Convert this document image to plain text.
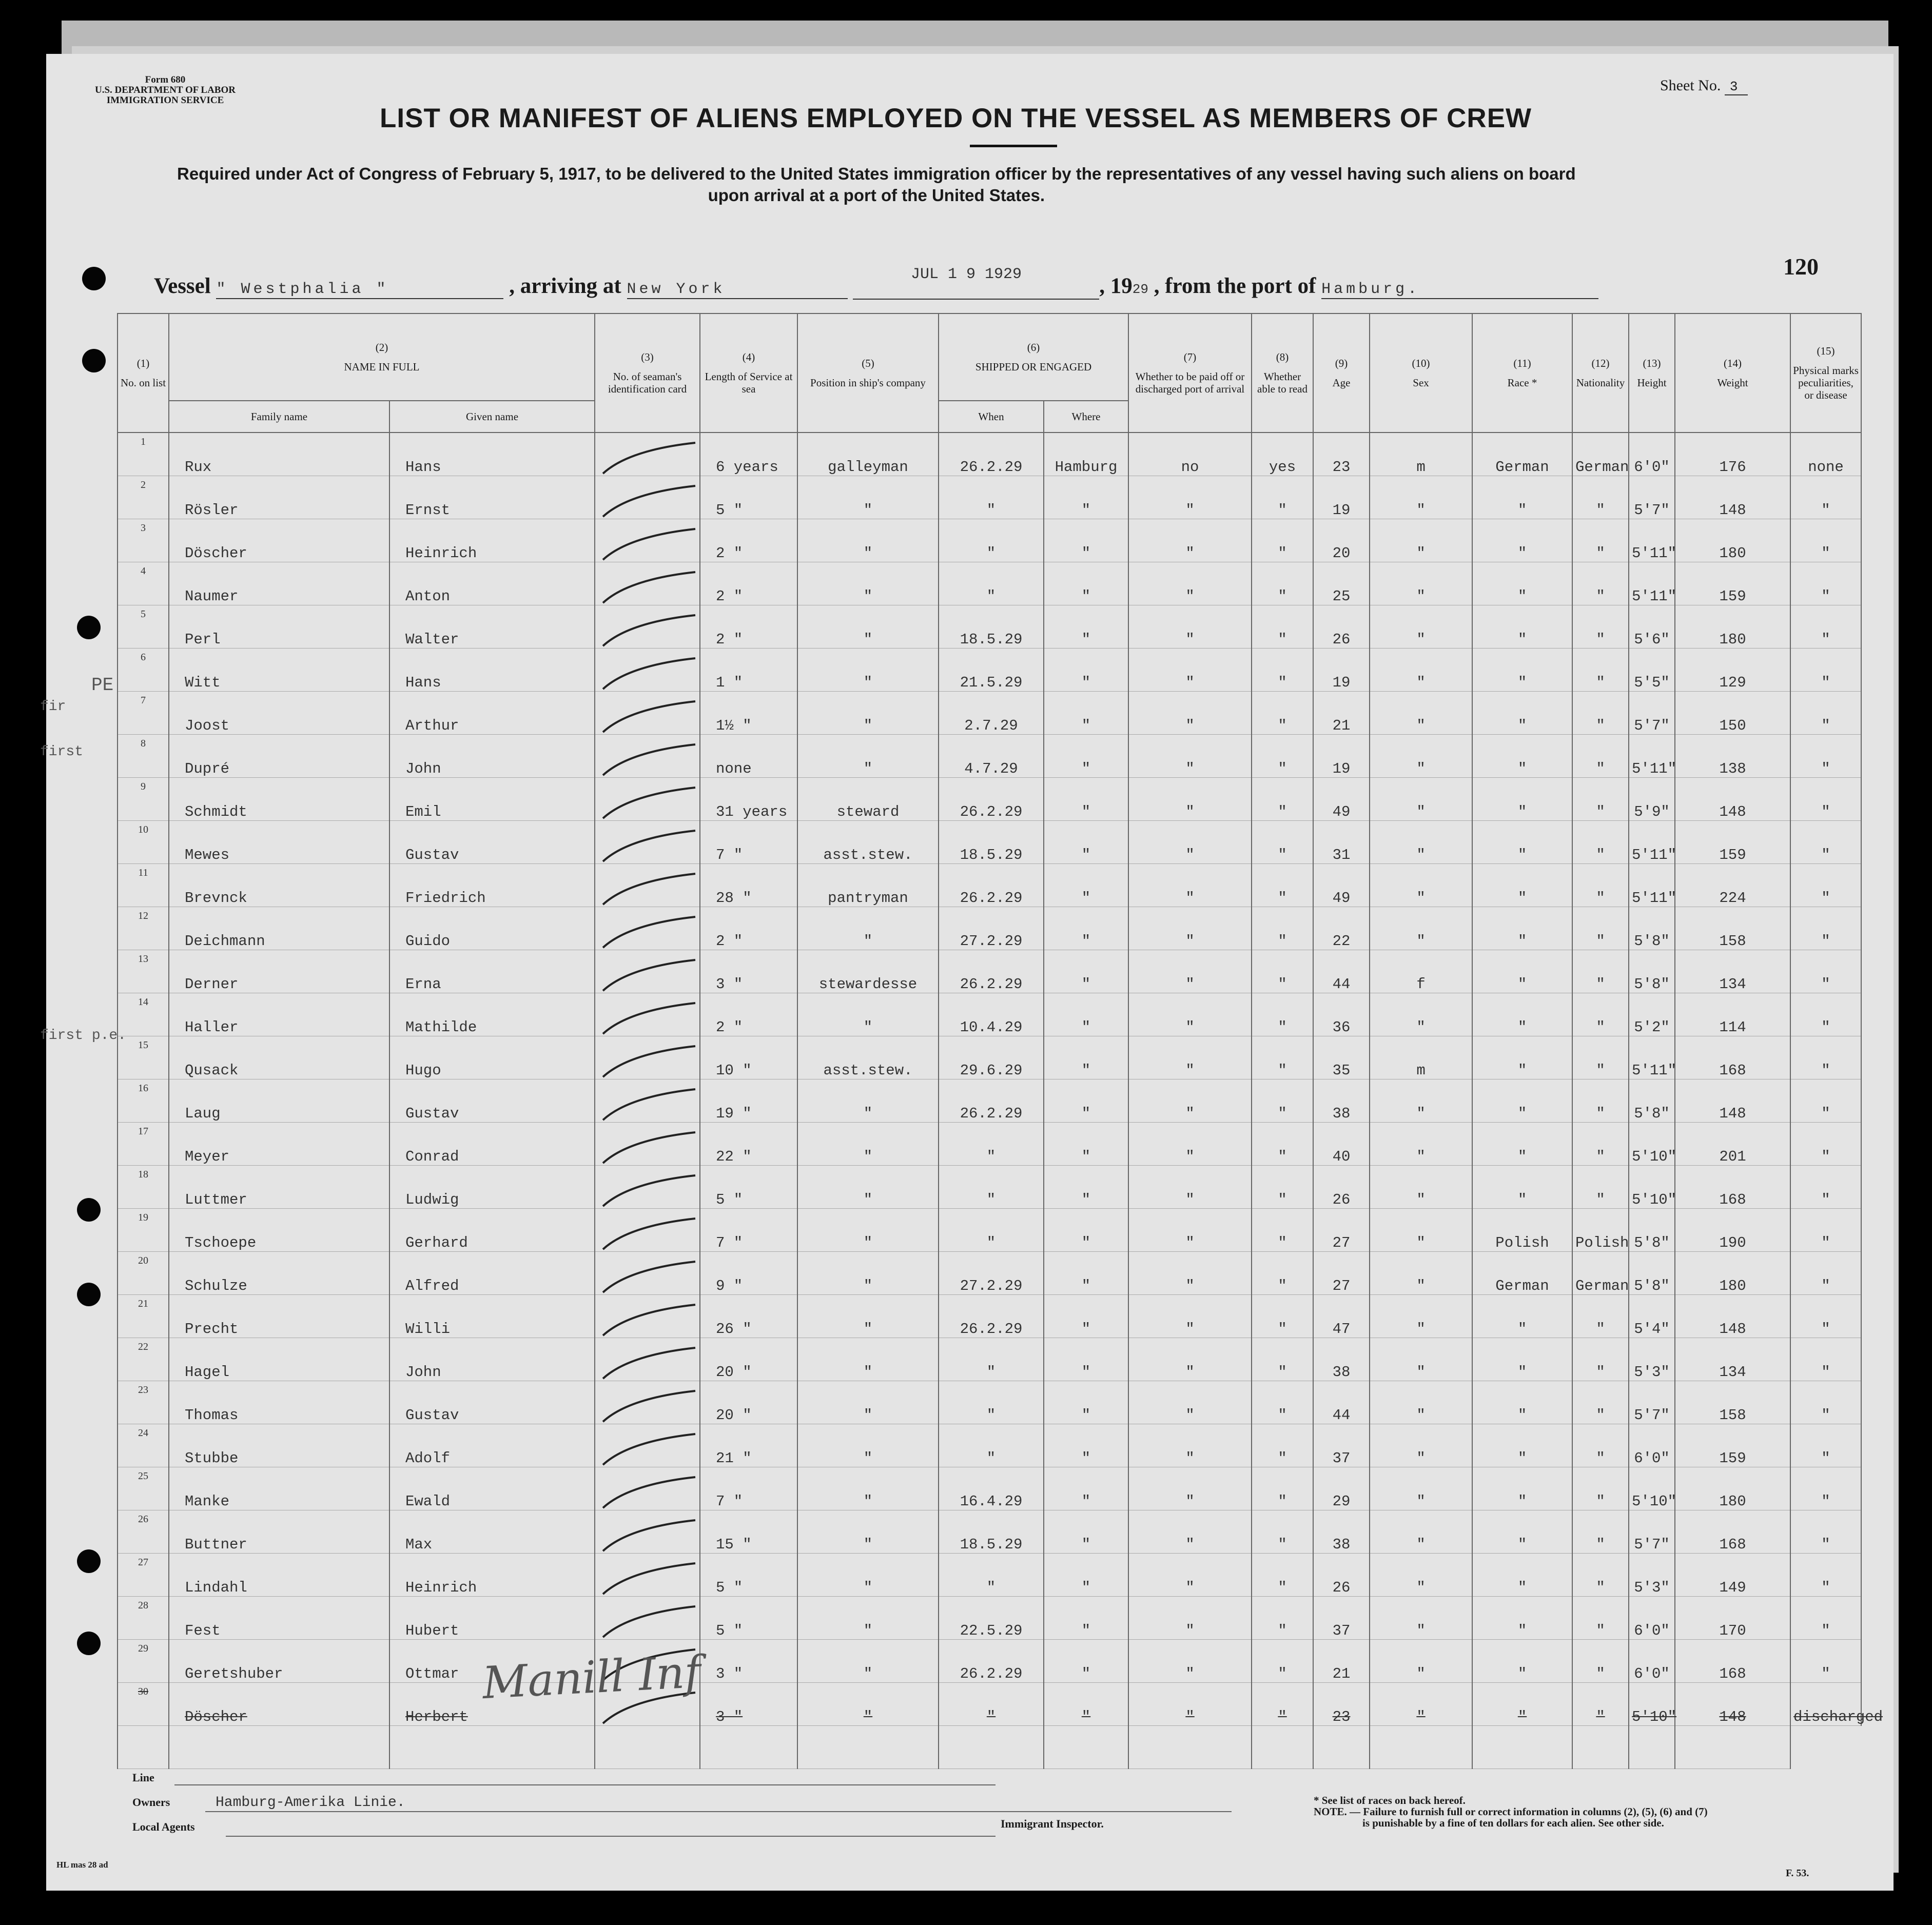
Form 680
U.S. DEPARTMENT OF LABOR
IMMIGRATION SERVICE
Sheet No. 3
LIST OR MANIFEST OF ALIENS EMPLOYED ON THE VESSEL AS MEMBERS OF CREW
Required under Act of Congress of February 5, 1917, to be delivered to the United States immigration officer by the representatives of any vessel having such aliens on board
upon arrival at a port of the United States.
JUL 1 9 1929	120
Vessel " Westphalia "	, arriving at New York	, 1929 , from the port of Hamburg.
PE
fir
first
first p.e.
(1)
No. on list	(2)
NAME IN FULL		(3)
No. of seaman's identification card	(4)
Length of Service at sea	(5)
Position in ship's company	(6)
SHIPPED OR ENGAGED		(7)
Whether to be paid off or discharged port of arrival	(8)
Whether able to read	(9)
Age	(10)
Sex	(11)
Race *	(12)
Nationality	(13)
Height	(14)
Weight	(15)
Physical marks peculiarities, or disease
	Family name	Given name				When	Where									
1	Rux	Hans		6 years	galleyman	26.2.29	Hamburg	no	yes	23	m	German	German	6'0"	176	none
2	Rösler	Ernst		5 "	"	"	"	"	"	19	"	"	"	5'7"	148	"
3	Döscher	Heinrich		2 "	"	"	"	"	"	20	"	"	"	5'11"	180	"
4	Naumer	Anton		2 "	"	"	"	"	"	25	"	"	"	5'11"	159	"
5	Perl	Walter		2 "	"	18.5.29	"	"	"	26	"	"	"	5'6"	180	"
6	Witt	Hans		1 "	"	21.5.29	"	"	"	19	"	"	"	5'5"	129	"
7	Joost	Arthur		1½ "	"	2.7.29	"	"	"	21	"	"	"	5'7"	150	"
8	Dupré	John		none	"	4.7.29	"	"	"	19	"	"	"	5'11"	138	"
9	Schmidt	Emil		31 years	steward	26.2.29	"	"	"	49	"	"	"	5'9"	148	"
10	Mewes	Gustav		7 "	asst.stew.	18.5.29	"	"	"	31	"	"	"	5'11"	159	"
11	Brevnck	Friedrich		28 "	pantryman	26.2.29	"	"	"	49	"	"	"	5'11"	224	"
12	Deichmann	Guido		2 "	"	27.2.29	"	"	"	22	"	"	"	5'8"	158	"
13	Derner	Erna		3 "	stewardesse	26.2.29	"	"	"	44	f	"	"	5'8"	134	"
14	Haller	Mathilde		2 "	"	10.4.29	"	"	"	36	"	"	"	5'2"	114	"
15	Qusack	Hugo		10 "	asst.stew.	29.6.29	"	"	"	35	m	"	"	5'11"	168	"
16	Laug	Gustav		19 "	"	26.2.29	"	"	"	38	"	"	"	5'8"	148	"
17	Meyer	Conrad		22 "	"	"	"	"	"	40	"	"	"	5'10"	201	"
18	Luttmer	Ludwig		5 "	"	"	"	"	"	26	"	"	"	5'10"	168	"
19	Tschoepe	Gerhard		7 "	"	"	"	"	"	27	"	Polish	Polish	5'8"	190	"
20	Schulze	Alfred		9 "	"	27.2.29	"	"	"	27	"	German	German	5'8"	180	"
21	Precht	Willi		26 "	"	26.2.29	"	"	"	47	"	"	"	5'4"	148	"
22	Hagel	John		20 "	"	"	"	"	"	38	"	"	"	5'3"	134	"
23	Thomas	Gustav		20 "	"	"	"	"	"	44	"	"	"	5'7"	158	"
24	Stubbe	Adolf		21 "	"	"	"	"	"	37	"	"	"	6'0"	159	"
25	Manke	Ewald		7 "	"	16.4.29	"	"	"	29	"	"	"	5'10"	180	"
26	Buttner	Max		15 "	"	18.5.29	"	"	"	38	"	"	"	5'7"	168	"
27	Lindahl	Heinrich		5 "	"	"	"	"	"	26	"	"	"	5'3"	149	"
28	Fest	Hubert		5 "	"	22.5.29	"	"	"	37	"	"	"	6'0"	170	"
29	Geretshuber	Ottmar		3 "	"	26.2.29	"	"	"	21	"	"	"	6'0"	168	"
30	Döscher	Herbert		3 "	"	"	"	"	"	23	"	"	"	5'10"	148	discharged

Manill Inf
Line
Owners	Hamburg-Amerika Linie.
Local Agents	Immigrant Inspector.
* See list of races on back hereof.
NOTE. — Failure to furnish full or correct information in columns (2), (5), (6) and (7)
is punishable by a fine of ten dollars for each alien. See other side.
HL mas 28 ad
F. 53.
